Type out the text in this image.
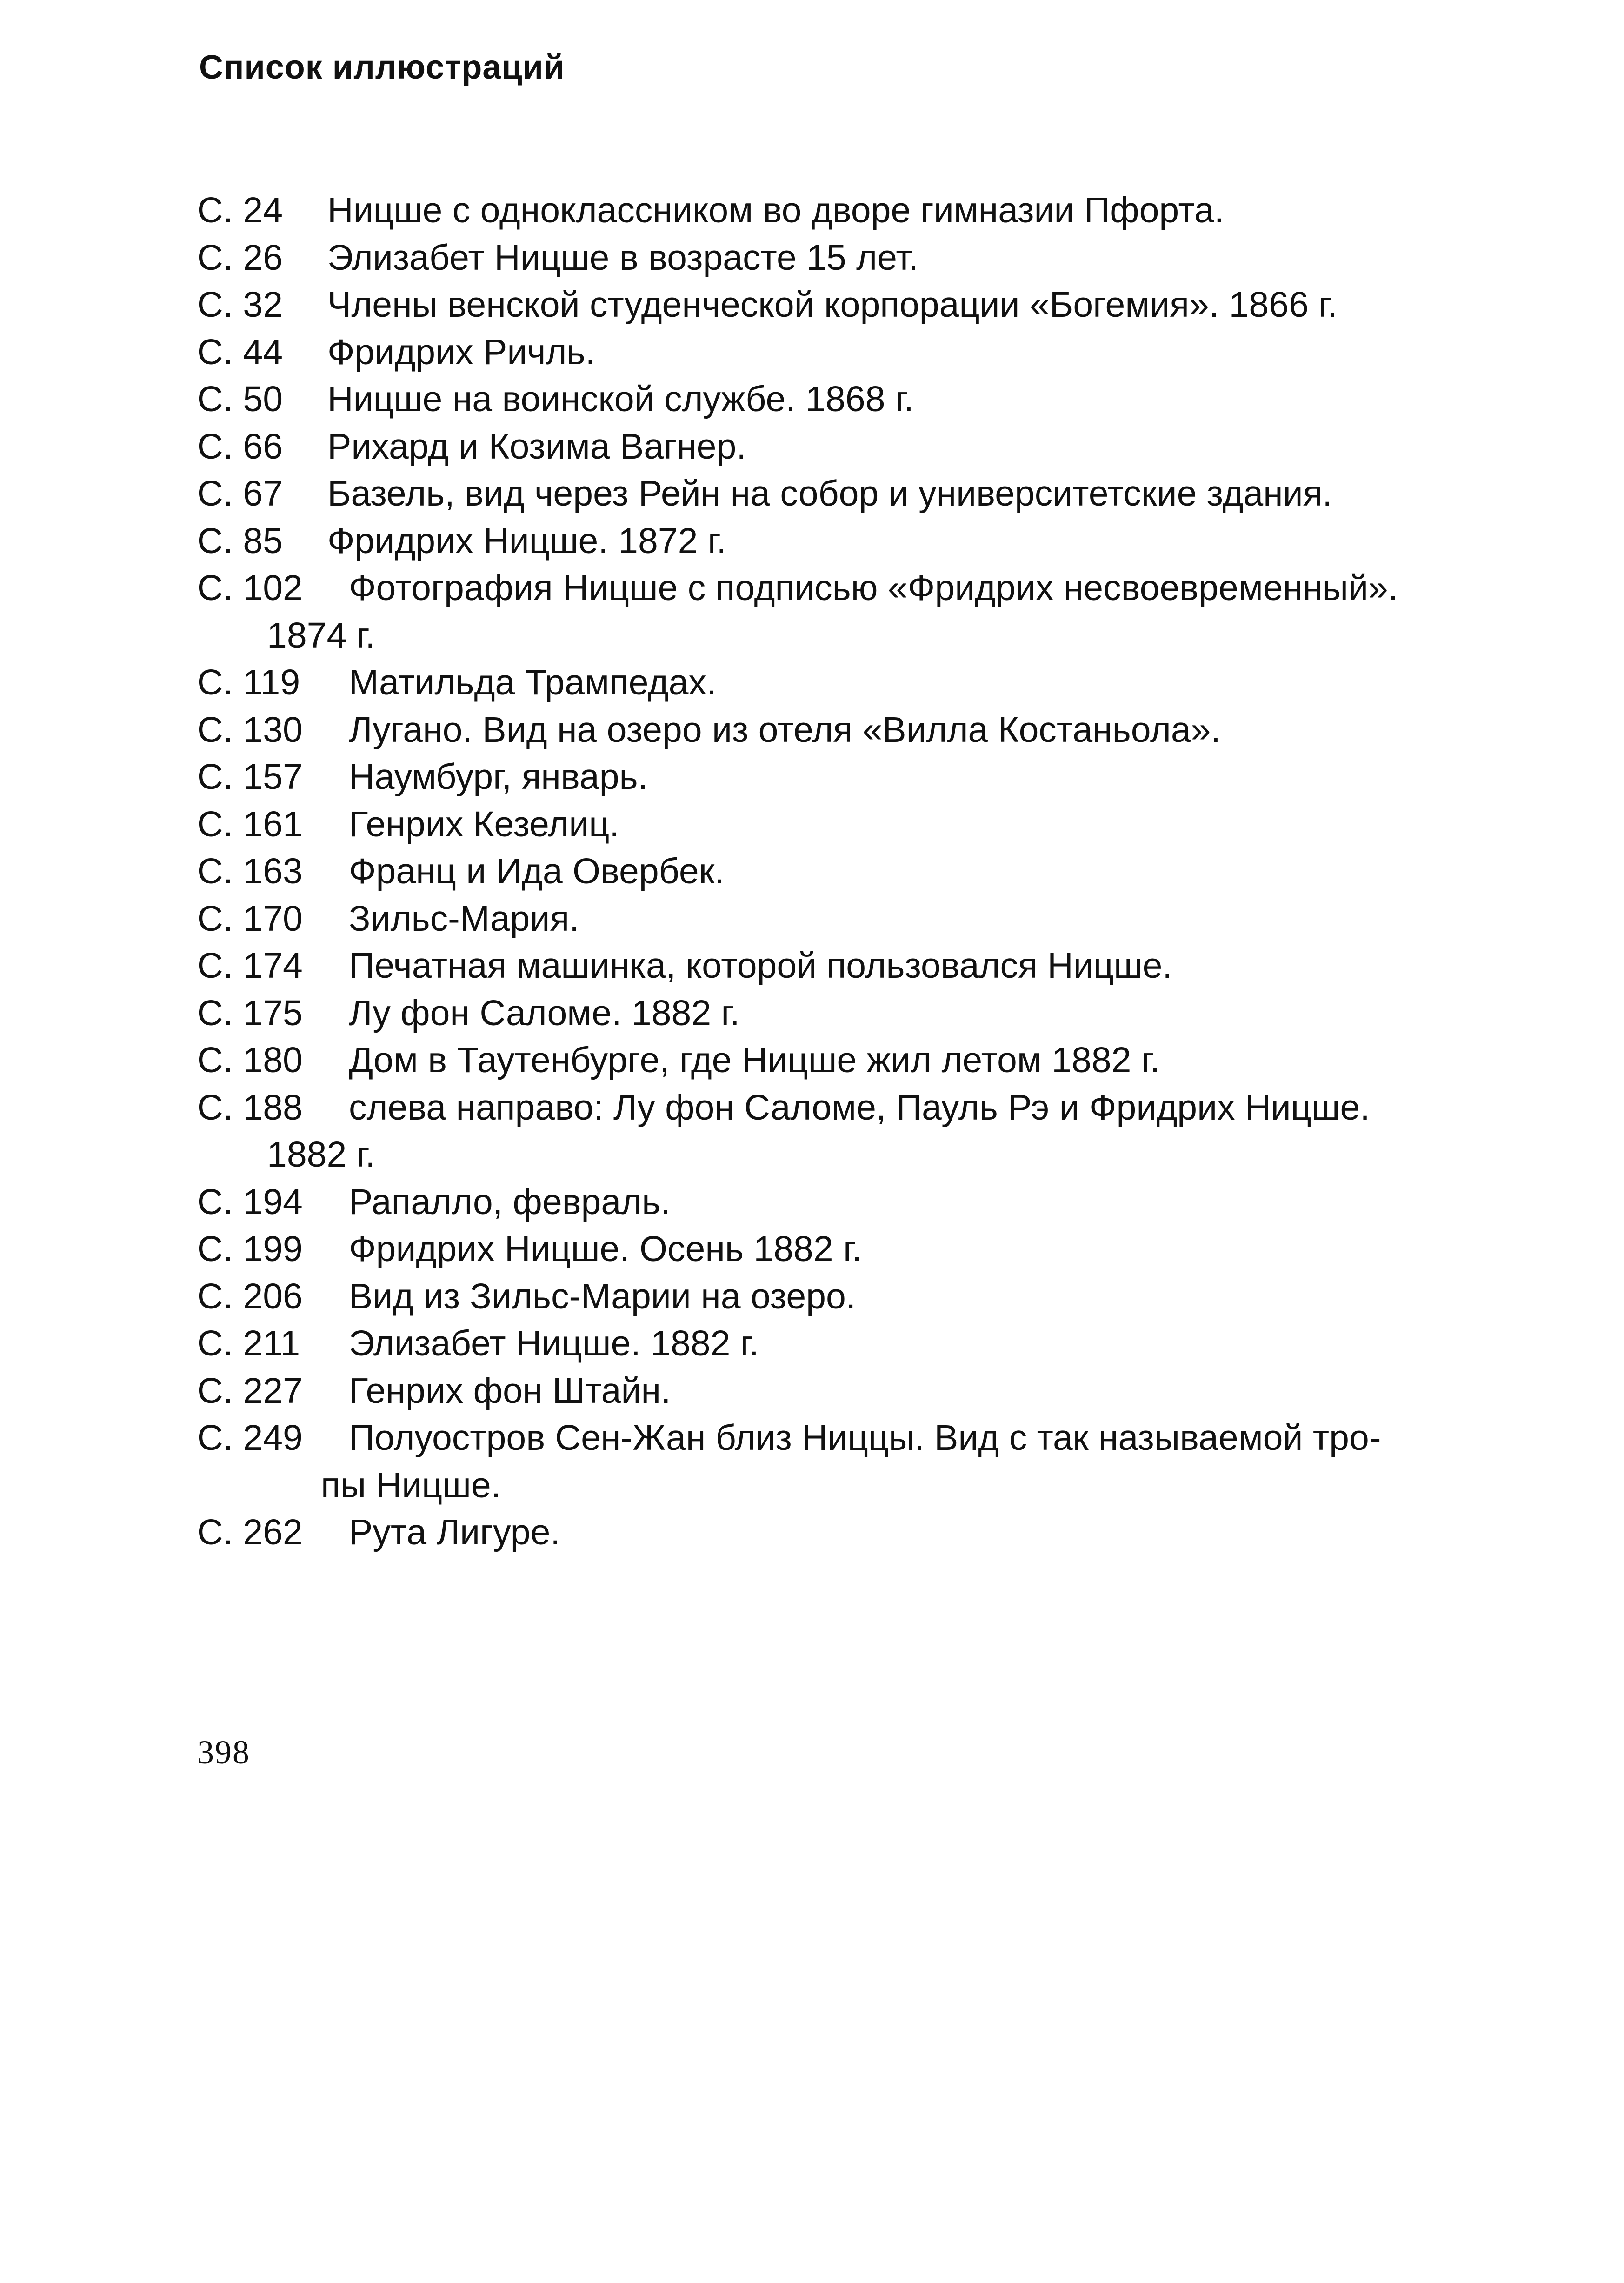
Список иллюстраций
С. 24 Ницше с одноклассником во дворе гимназии Пфорта.
С. 26 Элизабет Ницше в возрасте 15 лет.
С. 32 Члены венской студенческой корпорации «Богемия». 1866 г.
С. 44 Фридрих Ричль.
С. 50 Ницше на воинской службе. 1868 г.
С. 66 Рихард и Козима Вагнер.
С. 67 Базель, вид через Рейн на собор и университетские здания.
С. 85 Фридрих Ницше. 1872 г.
С. 102 Фотография Ницше с подписью «Фридрих несвоевременный».
1874 г.
С. 119 Матильда Трампедах.
С. 130 Лугано. Вид на озеро из отеля «Вилла Костаньола».
С. 157 Наумбург, январь.
С. 161 Генрих Кезелиц.
С. 163 Франц и Ида Овербек.
С. 170 Зильс-Мария.
С. 174 Печатная машинка, которой пользовался Ницше.
С. 175 Лу фон Саломе. 1882 г.
С. 180 Дом в Таутенбурге, где Ницше жил летом 1882 г.
С. 188 слева направо: Лу фон Саломе, Пауль Рэ и Фридрих Ницше.
1882 г.
С. 194 Рапалло, февраль.
С. 199 Фридрих Ницше. Осень 1882 г.
С. 206 Вид из Зильс-Марии на озеро.
С. 211 Элизабет Ницше. 1882 г.
С. 227 Генрих фон Штайн.
С. 249 Полуостров Сен-Жан близ Ниццы. Вид с так называемой тро-
пы Ницше.
С. 262 Рута Лигуре.
398
